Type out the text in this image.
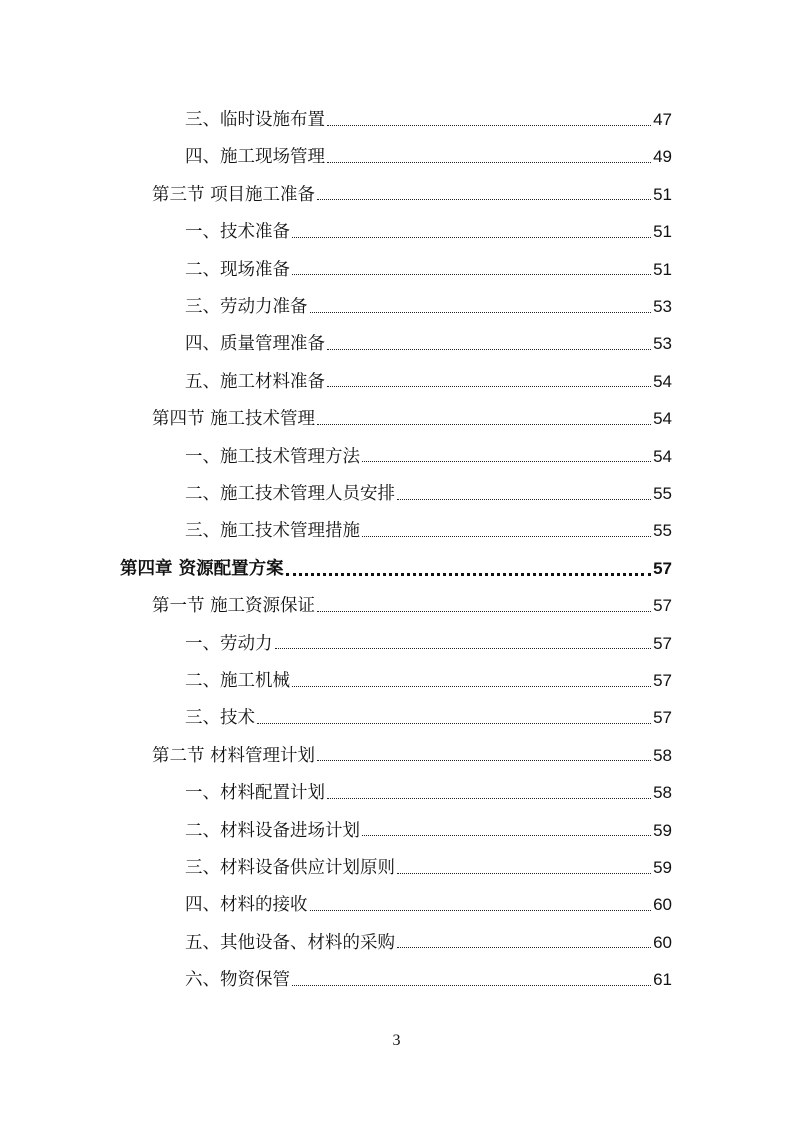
三、临时设施布置	47
四、施工现场管理	49
第三节 项目施工准备	51
一、技术准备	51
二、现场准备	51
三、劳动力准备	53
四、质量管理准备	53
五、施工材料准备	54
第四节 施工技术管理	54
一、施工技术管理方法	54
二、施工技术管理人员安排	55
三、施工技术管理措施	55
第四章 资源配置方案	57
第一节 施工资源保证	57
一、劳动力	57
二、施工机械	57
三、技术	57
第二节 材料管理计划	58
一、材料配置计划	58
二、材料设备进场计划	59
三、材料设备供应计划原则	59
四、材料的接收	60
五、其他设备、材料的采购	60
六、物资保管	61
3
